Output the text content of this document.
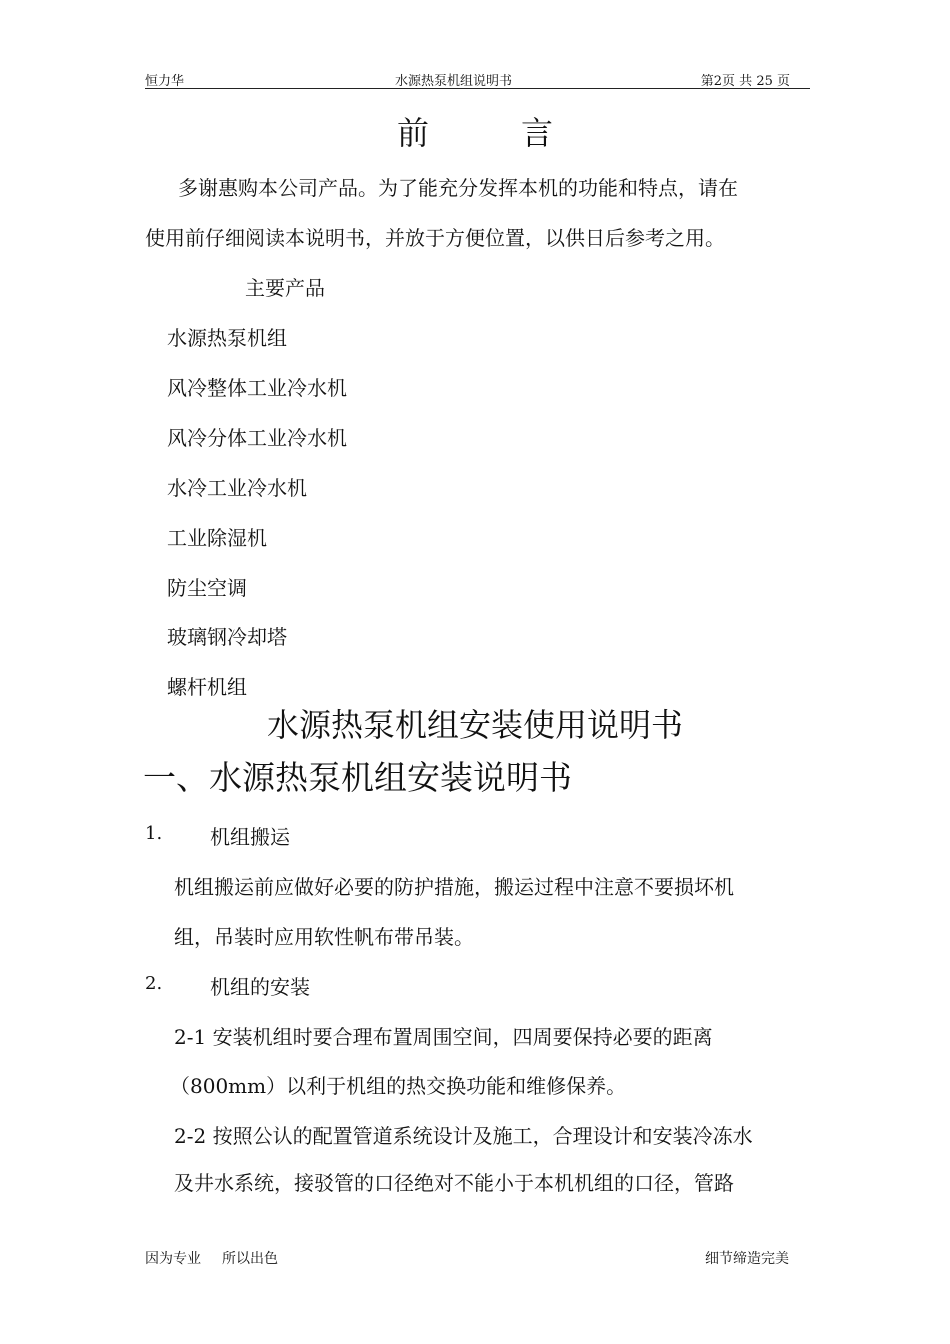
恒力华	水源热泵机组说明书	第2页 共 25 页
前言
多谢惠购本公司产品。为了能充分发挥本机的功能和特点，请在
使用前仔细阅读本说明书，并放于方便位置，以供日后参考之用。
主要产品
水源热泵机组
风冷整体工业冷水机
风冷分体工业冷水机
水冷工业冷水机
工业除湿机
防尘空调
玻璃钢冷却塔
螺杆机组
水源热泵机组安装使用说明书
一、水源热泵机组安装说明书
1. 机组搬运
机组搬运前应做好必要的防护措施，搬运过程中注意不要损坏机
组，吊装时应用软性帆布带吊装。
2. 机组的安装
2-1 安装机组时要合理布置周围空间，四周要保持必要的距离
（800mm）以利于机组的热交换功能和维修保养。
2-2 按照公认的配置管道系统设计及施工，合理设计和安装冷冻水
及井水系统，接驳管的口径绝对不能小于本机机组的口径，管路
因为专业 所以出色	细节缔造完美
